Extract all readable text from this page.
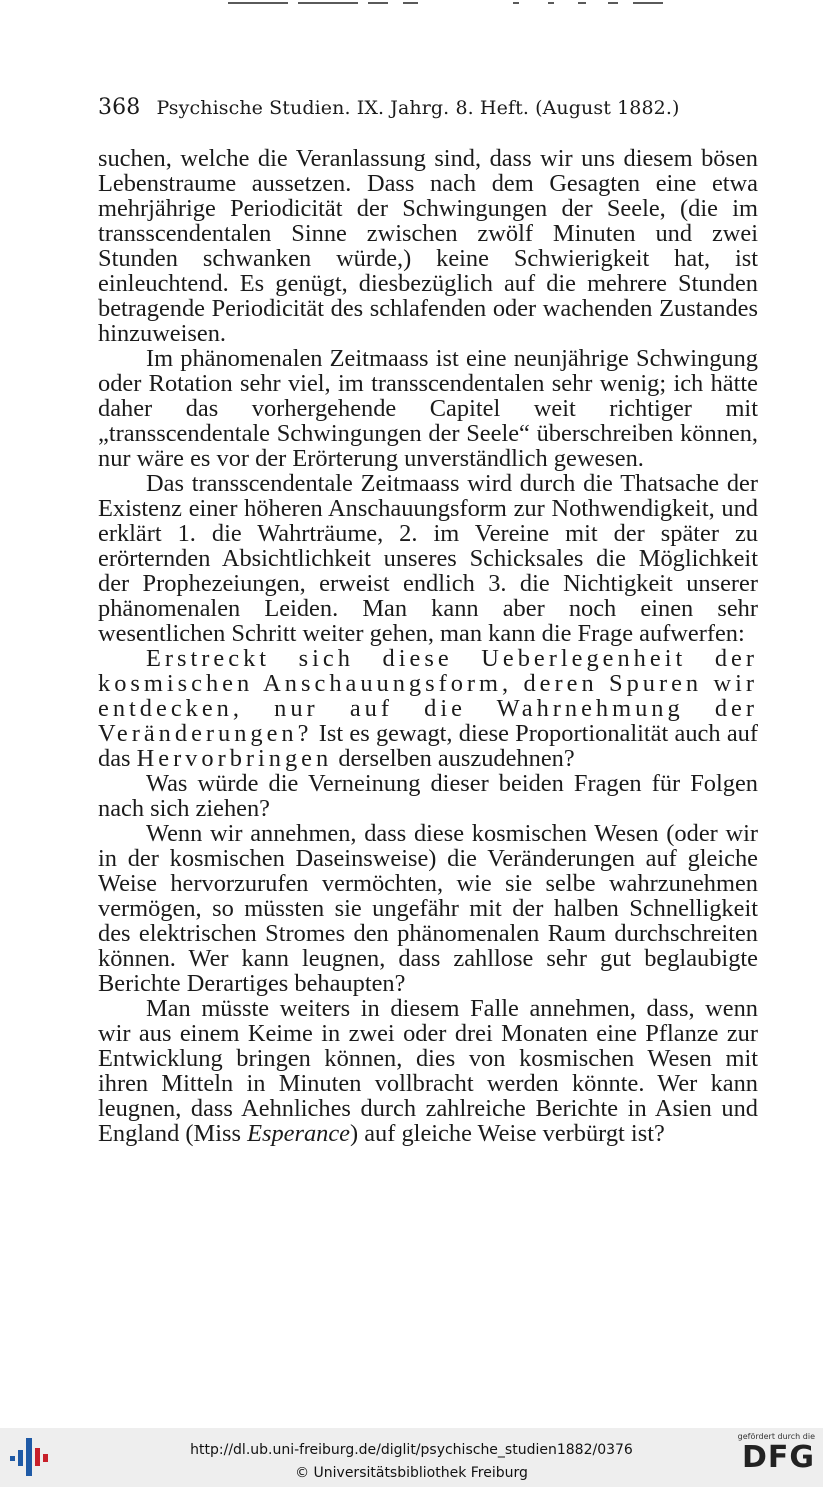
368 Psychische Studien. IX. Jahrg. 8. Heft. (August 1882.)

suchen, welche die Veranlassung sind, dass wir uns diesem bösen Lebenstraume aussetzen. Dass nach dem Gesagten eine etwa mehrjährige Periodicität der Schwingungen der Seele, (die im transscendentalen Sinne zwischen zwölf Minuten und zwei Stunden schwanken würde,) keine Schwierigkeit hat, ist einleuchtend. Es genügt, diesbezüglich auf die mehrere Stunden betragende Periodicität des schlafenden oder wachenden Zustandes hinzuweisen.

Im phänomenalen Zeitmaass ist eine neunjährige Schwingung oder Rotation sehr viel, im transscendentalen sehr wenig; ich hätte daher das vorhergehende Capitel weit richtiger mit „transscendentale Schwingungen der Seele“ überschreiben können, nur wäre es vor der Erörterung unverständlich gewesen.

Das transscendentale Zeitmaass wird durch die Thatsache der Existenz einer höheren Anschauungsform zur Nothwendigkeit, und erklärt 1. die Wahrträume, 2. im Vereine mit der später zu erörternden Absichtlichkeit unseres Schicksales die Möglichkeit der Prophezeiungen, erweist endlich 3. die Nichtigkeit unserer phänomenalen Leiden. Man kann aber noch einen sehr wesentlichen Schritt weiter gehen, man kann die Frage aufwerfen:

Erstreckt sich diese Ueberlegenheit der kosmischen Anschauungsform, deren Spuren wir entdecken, nur auf die Wahrnehmung der Veränderungen? Ist es gewagt, diese Proportionalität auch auf das Hervorbringen derselben auszudehnen?

Was würde die Verneinung dieser beiden Fragen für Folgen nach sich ziehen?

Wenn wir annehmen, dass diese kosmischen Wesen (oder wir in der kosmischen Daseinsweise) die Veränderungen auf gleiche Weise hervorzurufen vermöchten, wie sie selbe wahrzunehmen vermögen, so müssten sie ungefähr mit der halben Schnelligkeit des elektrischen Stromes den phänomenalen Raum durchschreiten können. Wer kann leugnen, dass zahllose sehr gut beglaubigte Berichte Derartiges behaupten?

Man müsste weiters in diesem Falle annehmen, dass, wenn wir aus einem Keime in zwei oder drei Monaten eine Pflanze zur Entwicklung bringen können, dies von kosmischen Wesen mit ihren Mitteln in Minuten vollbracht werden könnte. Wer kann leugnen, dass Aehnliches durch zahlreiche Berichte in Asien und England (Miss Esperance) auf gleiche Weise verbürgt ist?

http://dl.ub.uni-freiburg.de/diglit/psychische_studien1882/0376
© Universitätsbibliothek Freiburg
gefördert durch die
DFG
